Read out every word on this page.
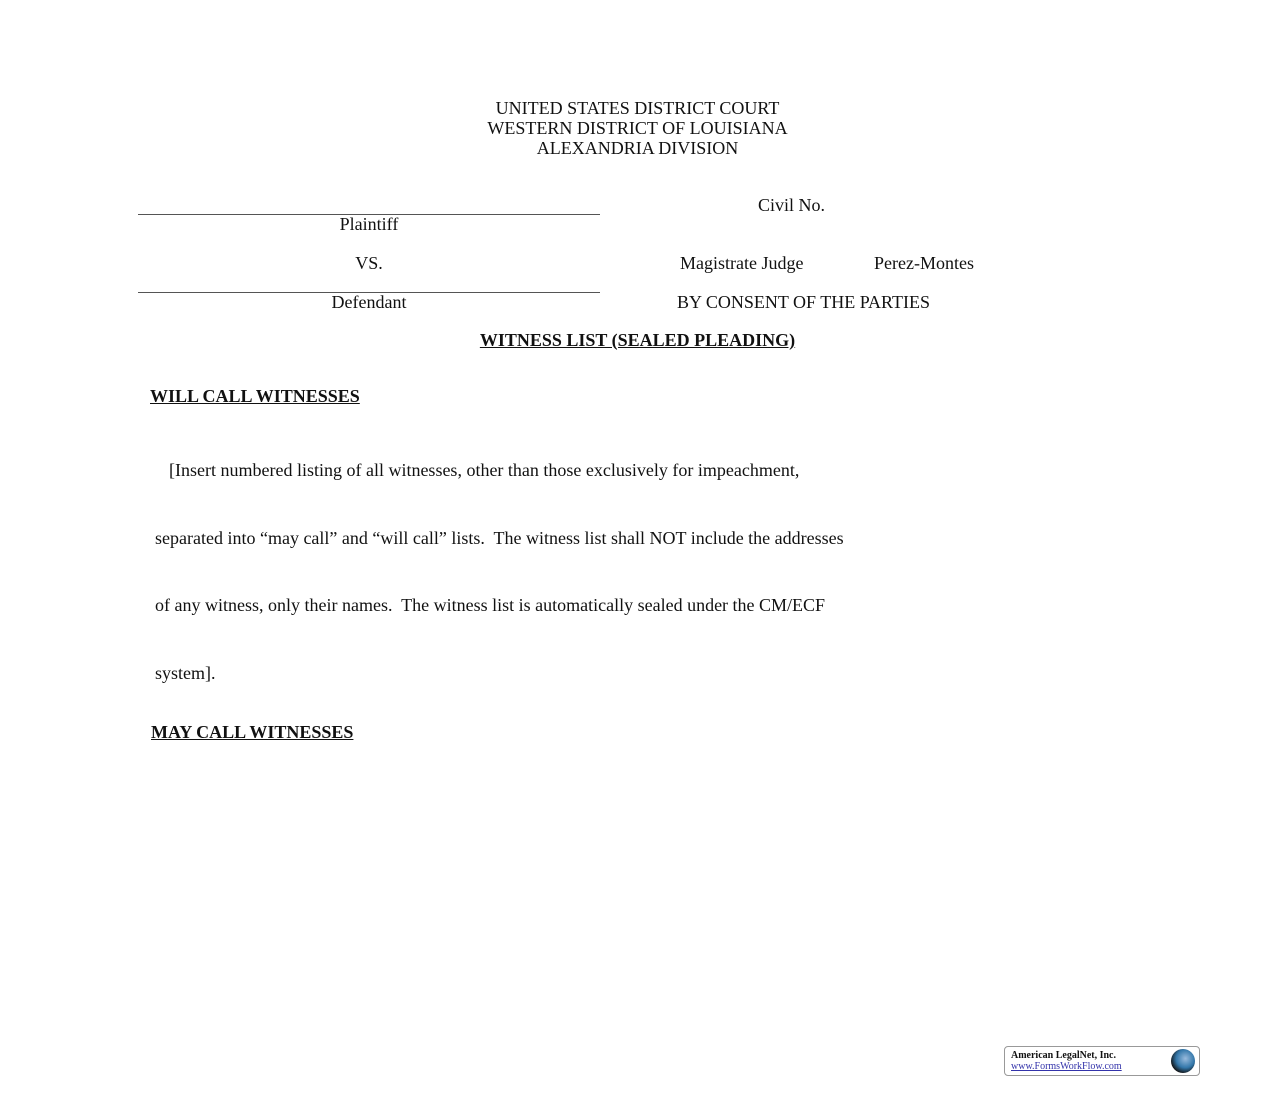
UNITED STATES DISTRICT COURT
WESTERN DISTRICT OF LOUISIANA
ALEXANDRIA DIVISION
Plaintiff
VS.
Defendant
Civil No.
Magistrate Judge	Perez-Montes
BY CONSENT OF THE PARTIES
WITNESS LIST (SEALED PLEADING)
WILL CALL WITNESSES

[Insert numbered listing of all witnesses, other than those exclusively for impeachment,

separated into “may call” and “will call” lists.  The witness list shall NOT include the addresses

of any witness, only their names.  The witness list is automatically sealed under the CM/ECF

system].

MAY CALL WITNESSES
American LegalNet, Inc.
www.FormsWorkFlow.com
